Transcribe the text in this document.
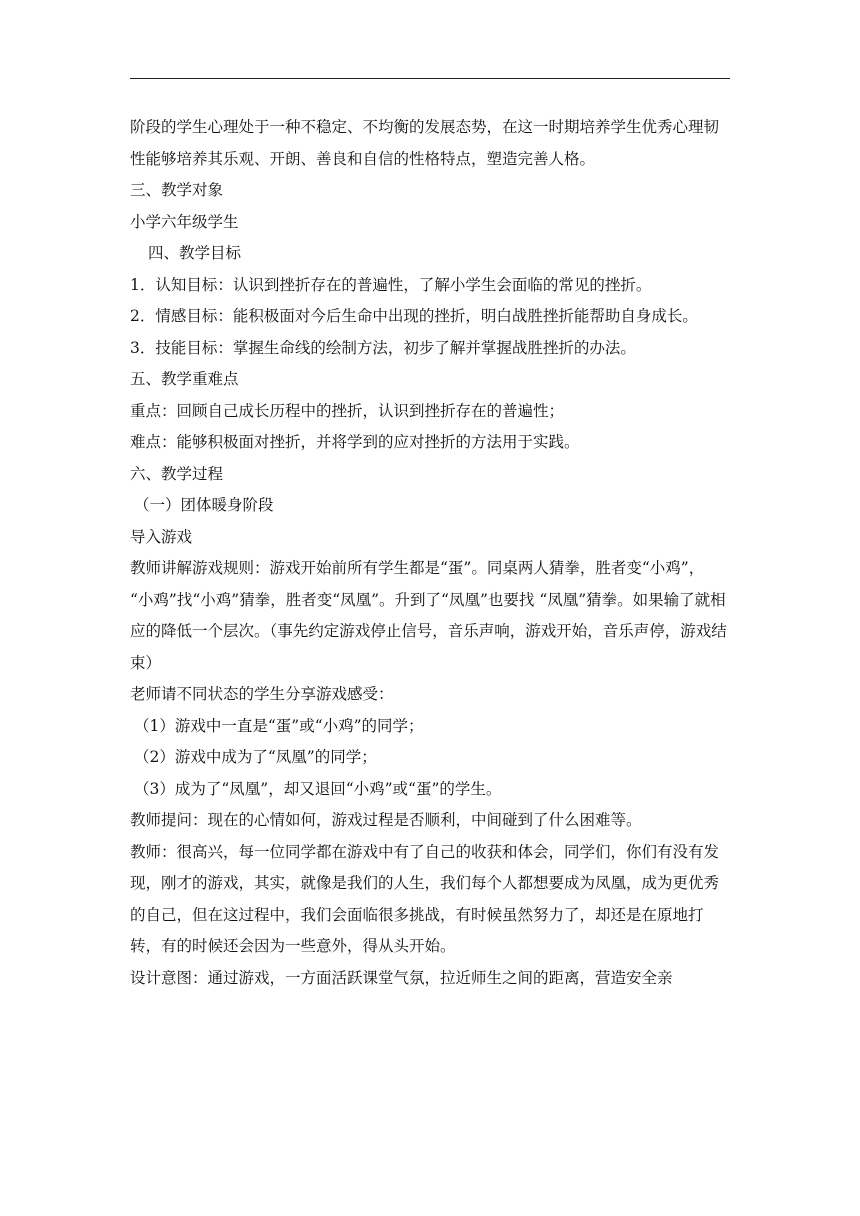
阶段的学生心理处于一种不稳定、不均衡的发展态势，在这一时期培养学生优秀心理韧性能够培养其乐观、开朗、善良和自信的性格特点，塑造完善人格。

三、教学对象

小学六年级学生

四、教学目标

1．认知目标：认识到挫折存在的普遍性，了解小学生会面临的常见的挫折。

2．情感目标：能积极面对今后生命中出现的挫折，明白战胜挫折能帮助自身成长。

3．技能目标：掌握生命线的绘制方法，初步了解并掌握战胜挫折的办法。

五、教学重难点

重点：回顾自己成长历程中的挫折，认识到挫折存在的普遍性；

难点：能够积极面对挫折，并将学到的应对挫折的方法用于实践。

六、教学过程

（一）团体暖身阶段

导入游戏

教师讲解游戏规则：游戏开始前所有学生都是“蛋”。同桌两人猜拳，胜者变“小鸡”， “小鸡”找“小鸡”猜拳，胜者变“凤凰”。升到了“凤凰”也要找 “凤凰”猜拳。如果输了就相应的降低一个层次。（事先约定游戏停止信号，音乐声响，游戏开始，音乐声停，游戏结束）

老师请不同状态的学生分享游戏感受：

（1）游戏中一直是“蛋”或“小鸡”的同学；

（2）游戏中成为了“凤凰”的同学；

（3）成为了“凤凰”，却又退回“小鸡”或“蛋”的学生。

教师提问：现在的心情如何，游戏过程是否顺利，中间碰到了什么困难等。

教师：很高兴，每一位同学都在游戏中有了自己的收获和体会，同学们，你们有没有发现，刚才的游戏，其实，就像是我们的人生，我们每个人都想要成为凤凰，成为更优秀的自己，但在这过程中，我们会面临很多挑战，有时候虽然努力了，却还是在原地打转，有的时候还会因为一些意外，得从头开始。

设计意图：通过游戏，一方面活跃课堂气氛，拉近师生之间的距离，营造安全亲
